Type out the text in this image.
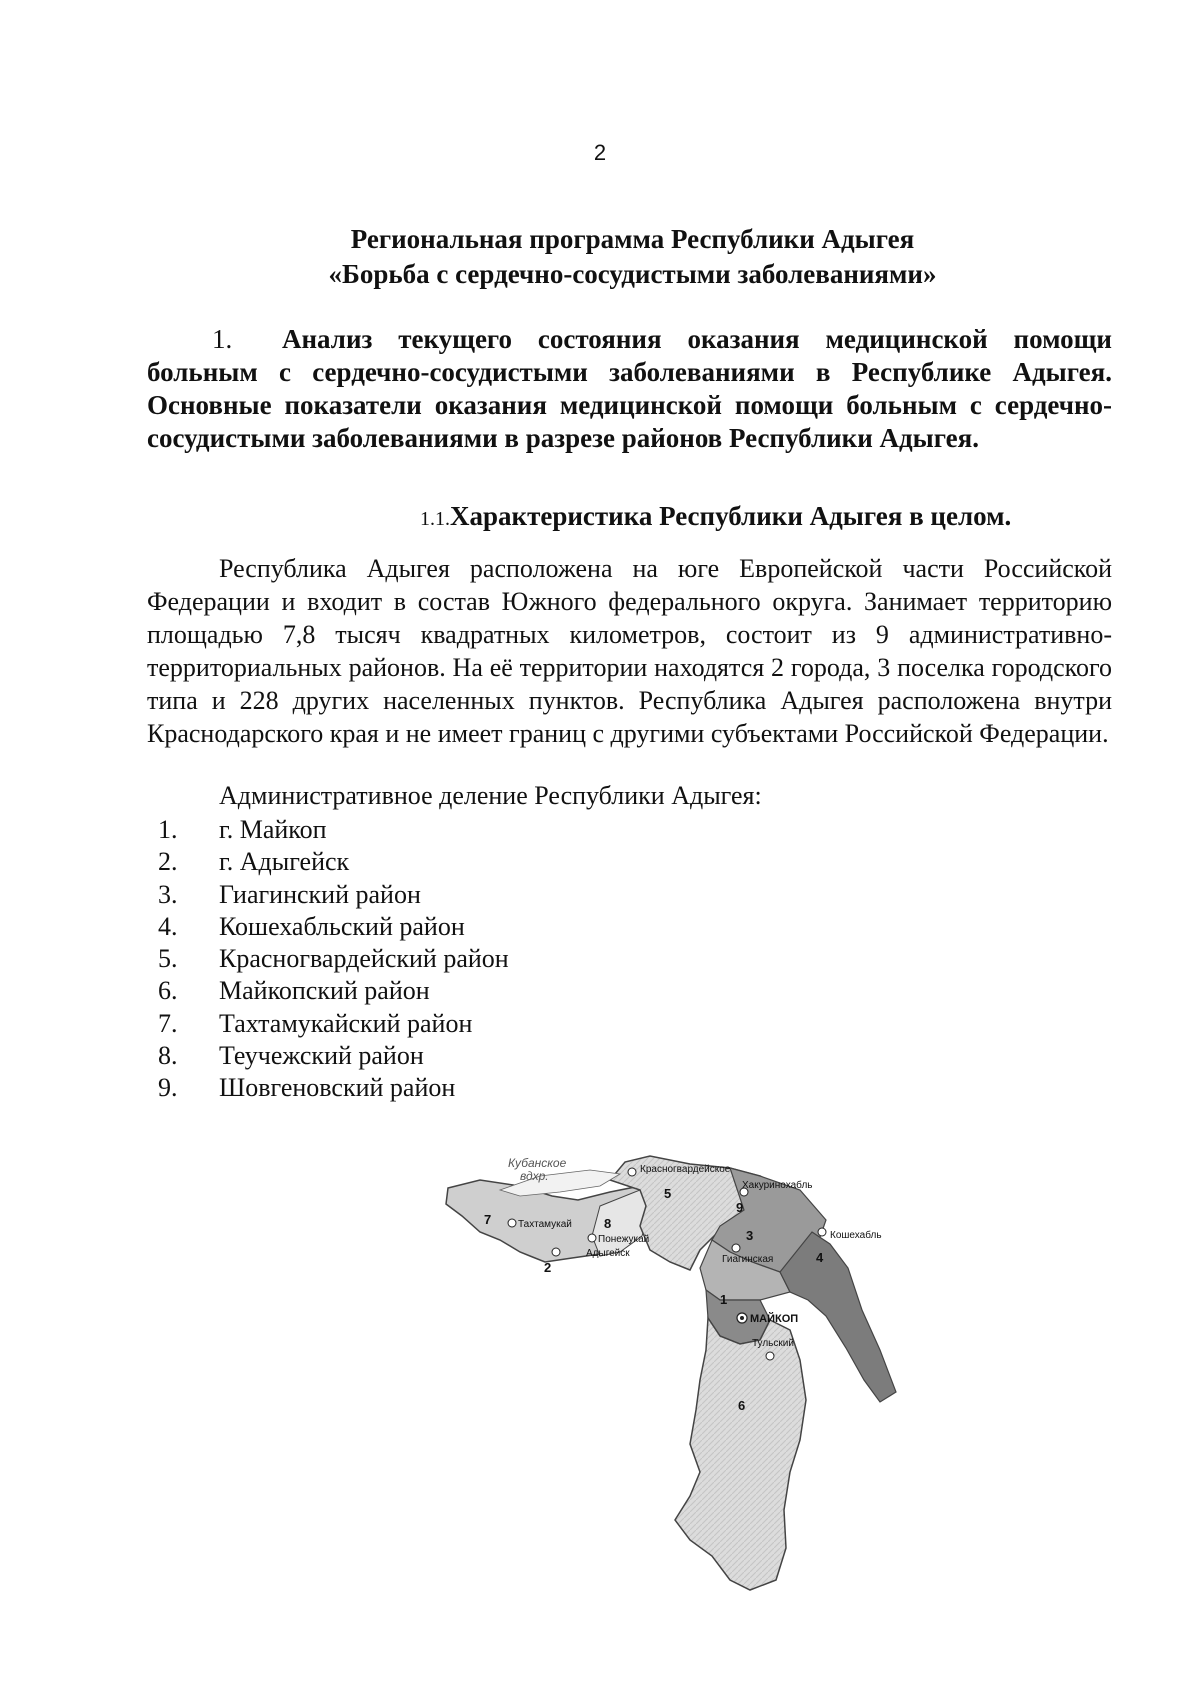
2
Региональная программа Республики Адыгея
«Борьба с сердечно-сосудистыми заболеваниями»
1. Анализ текущего состояния оказания медицинской помощи больным с сердечно-сосудистыми заболеваниями в Республике Адыгея. Основные показатели оказания медицинской помощи больным с сердечно-сосудистыми заболеваниями в разрезе районов Республики Адыгея.
1.1.Характеристика Республики Адыгея в целом.
Республика Адыгея расположена на юге Европейской части Российской Федерации и входит в состав Южного федерального округа. Занимает территорию площадью 7,8 тысяч квадратных километров, состоит из 9 административно-территориальных районов. На её территории находятся 2 города, 3 поселка городского типа и 228 других населенных пунктов. Республика Адыгея расположена внутри Краснодарского края и не имеет границ с другими субъектами Российской Федерации.
Административное деление Республики Адыгея:
1.	г. Майкоп
2.	г. Адыгейск
3.	Гиагинский район
4.	Кошехабльский район
5.	Красногвардейский район
6.	Майкопский район
7.	Тахтамукайский район
8.	Теучежский район
9.	Шовгеновский район
Кубанское
вдхр.	Красногвардейское
Хакуринохабль
Кошехабль
Гиагинская
Тахтамукай
Понежукай
Адыгейск
МАЙКОП
Тульский
1
2
3
4
5
6
7	8
9
